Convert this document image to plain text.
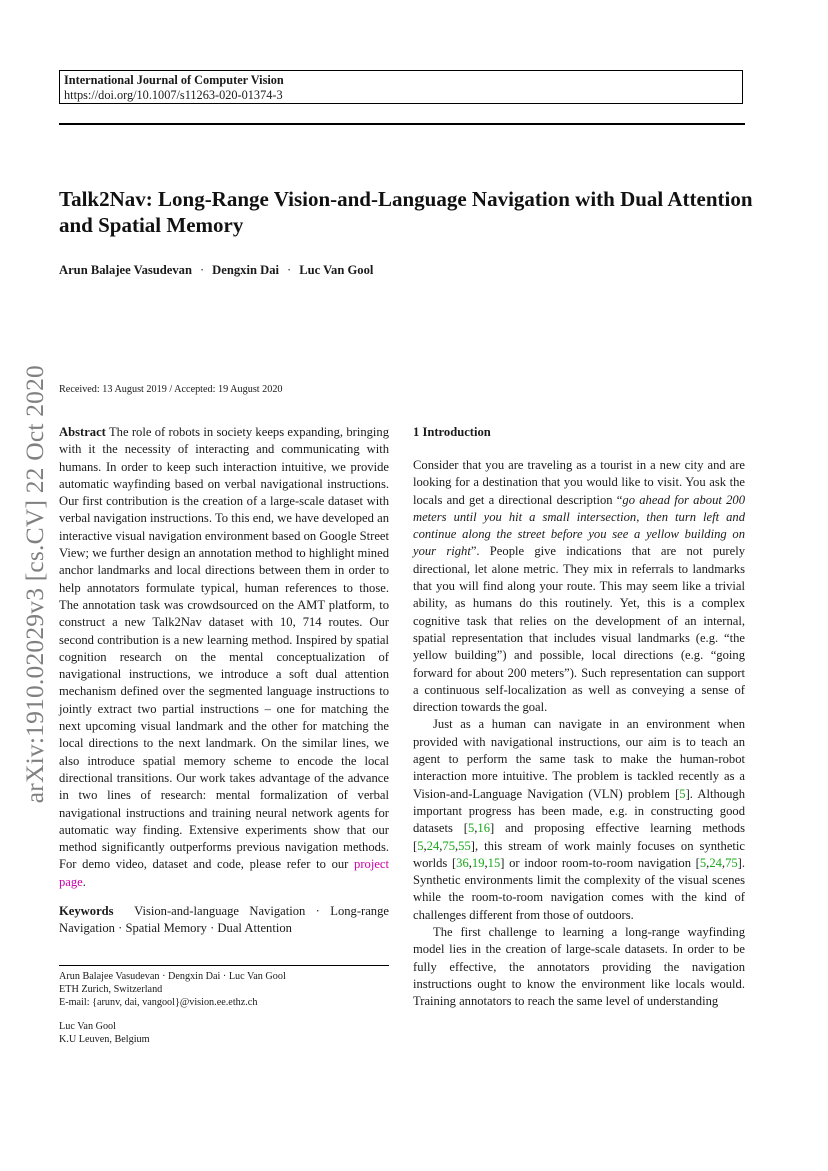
International Journal of Computer Vision
https://doi.org/10.1007/s11263-020-01374-3
Talk2Nav: Long-Range Vision-and-Language Navigation with Dual Attention and Spatial Memory
Arun Balajee Vasudevan · Dengxin Dai · Luc Van Gool
arXiv:1910.02029v3 [cs.CV] 22 Oct 2020 Received: 13 August 2019 / Accepted: 19 August 2020

Abstract The role of robots in society keeps expanding, bringing with it the necessity of interacting and communicating with humans. In order to keep such interaction intuitive, we provide automatic wayfinding based on verbal navigational instructions. Our first contribution is the creation of a large-scale dataset with verbal navigation instructions. To this end, we have developed an interactive visual navigation environment based on Google Street View; we further design an annotation method to highlight mined anchor landmarks and local directions between them in order to help annotators formulate typical, human references to those. The annotation task was crowdsourced on the AMT platform, to construct a new Talk2Nav dataset with 10, 714 routes. Our second contribution is a new learning method. Inspired by spatial cognition research on the mental conceptualization of navigational instructions, we introduce a soft dual attention mechanism defined over the segmented language instructions to jointly extract two partial instructions – one for matching the next upcoming visual landmark and the other for matching the local directions to the next landmark. On the similar lines, we also introduce spatial memory scheme to encode the local directional transitions. Our work takes advantage of the advance in two lines of research: mental formalization of verbal navigational instructions and training neural network agents for automatic way finding. Extensive experiments show that our method significantly outperforms previous navigation methods. For demo video, dataset and code, please refer to our project page.

Keywords Vision-and-language Navigation · Long-range Navigation · Spatial Memory · Dual Attention

Arun Balajee Vasudevan · Dengxin Dai · Luc Van Gool

ETH Zurich, Switzerland

E-mail: {arunv, dai, vangool}@vision.ee.ethz.ch

Luc Van Gool

K.U Leuven, Belgium

1 Introduction

Consider that you are traveling as a tourist in a new city and are looking for a destination that you would like to visit. You ask the locals and get a directional description “go ahead for about 200 meters until you hit a small intersection, then turn left and continue along the street before you see a yellow building on your right”. People give indications that are not purely directional, let alone metric. They mix in referrals to landmarks that you will find along your route. This may seem like a trivial ability, as humans do this routinely. Yet, this is a complex cognitive task that relies on the development of an internal, spatial representation that includes visual landmarks (e.g. “the yellow building”) and possible, local directions (e.g. “going forward for about 200 meters”). Such representation can support a continuous self-localization as well as conveying a sense of direction towards the goal.

Just as a human can navigate in an environment when provided with navigational instructions, our aim is to teach an agent to perform the same task to make the human-robot interaction more intuitive. The problem is tackled recently as a Vision-and-Language Navigation (VLN) problem [5]. Although important progress has been made, e.g. in constructing good datasets [5,16] and proposing effective learning methods [5,24,75,55], this stream of work mainly focuses on synthetic worlds [36,19,15] or indoor room-to-room navigation [5,24,75]. Synthetic environments limit the complexity of the visual scenes while the room-to-room navigation comes with the kind of challenges different from those of outdoors.

The first challenge to learning a long-range wayfinding model lies in the creation of large-scale datasets. In order to be fully effective, the annotators providing the navigation instructions ought to know the environment like locals would. Training annotators to reach the same level of understanding
